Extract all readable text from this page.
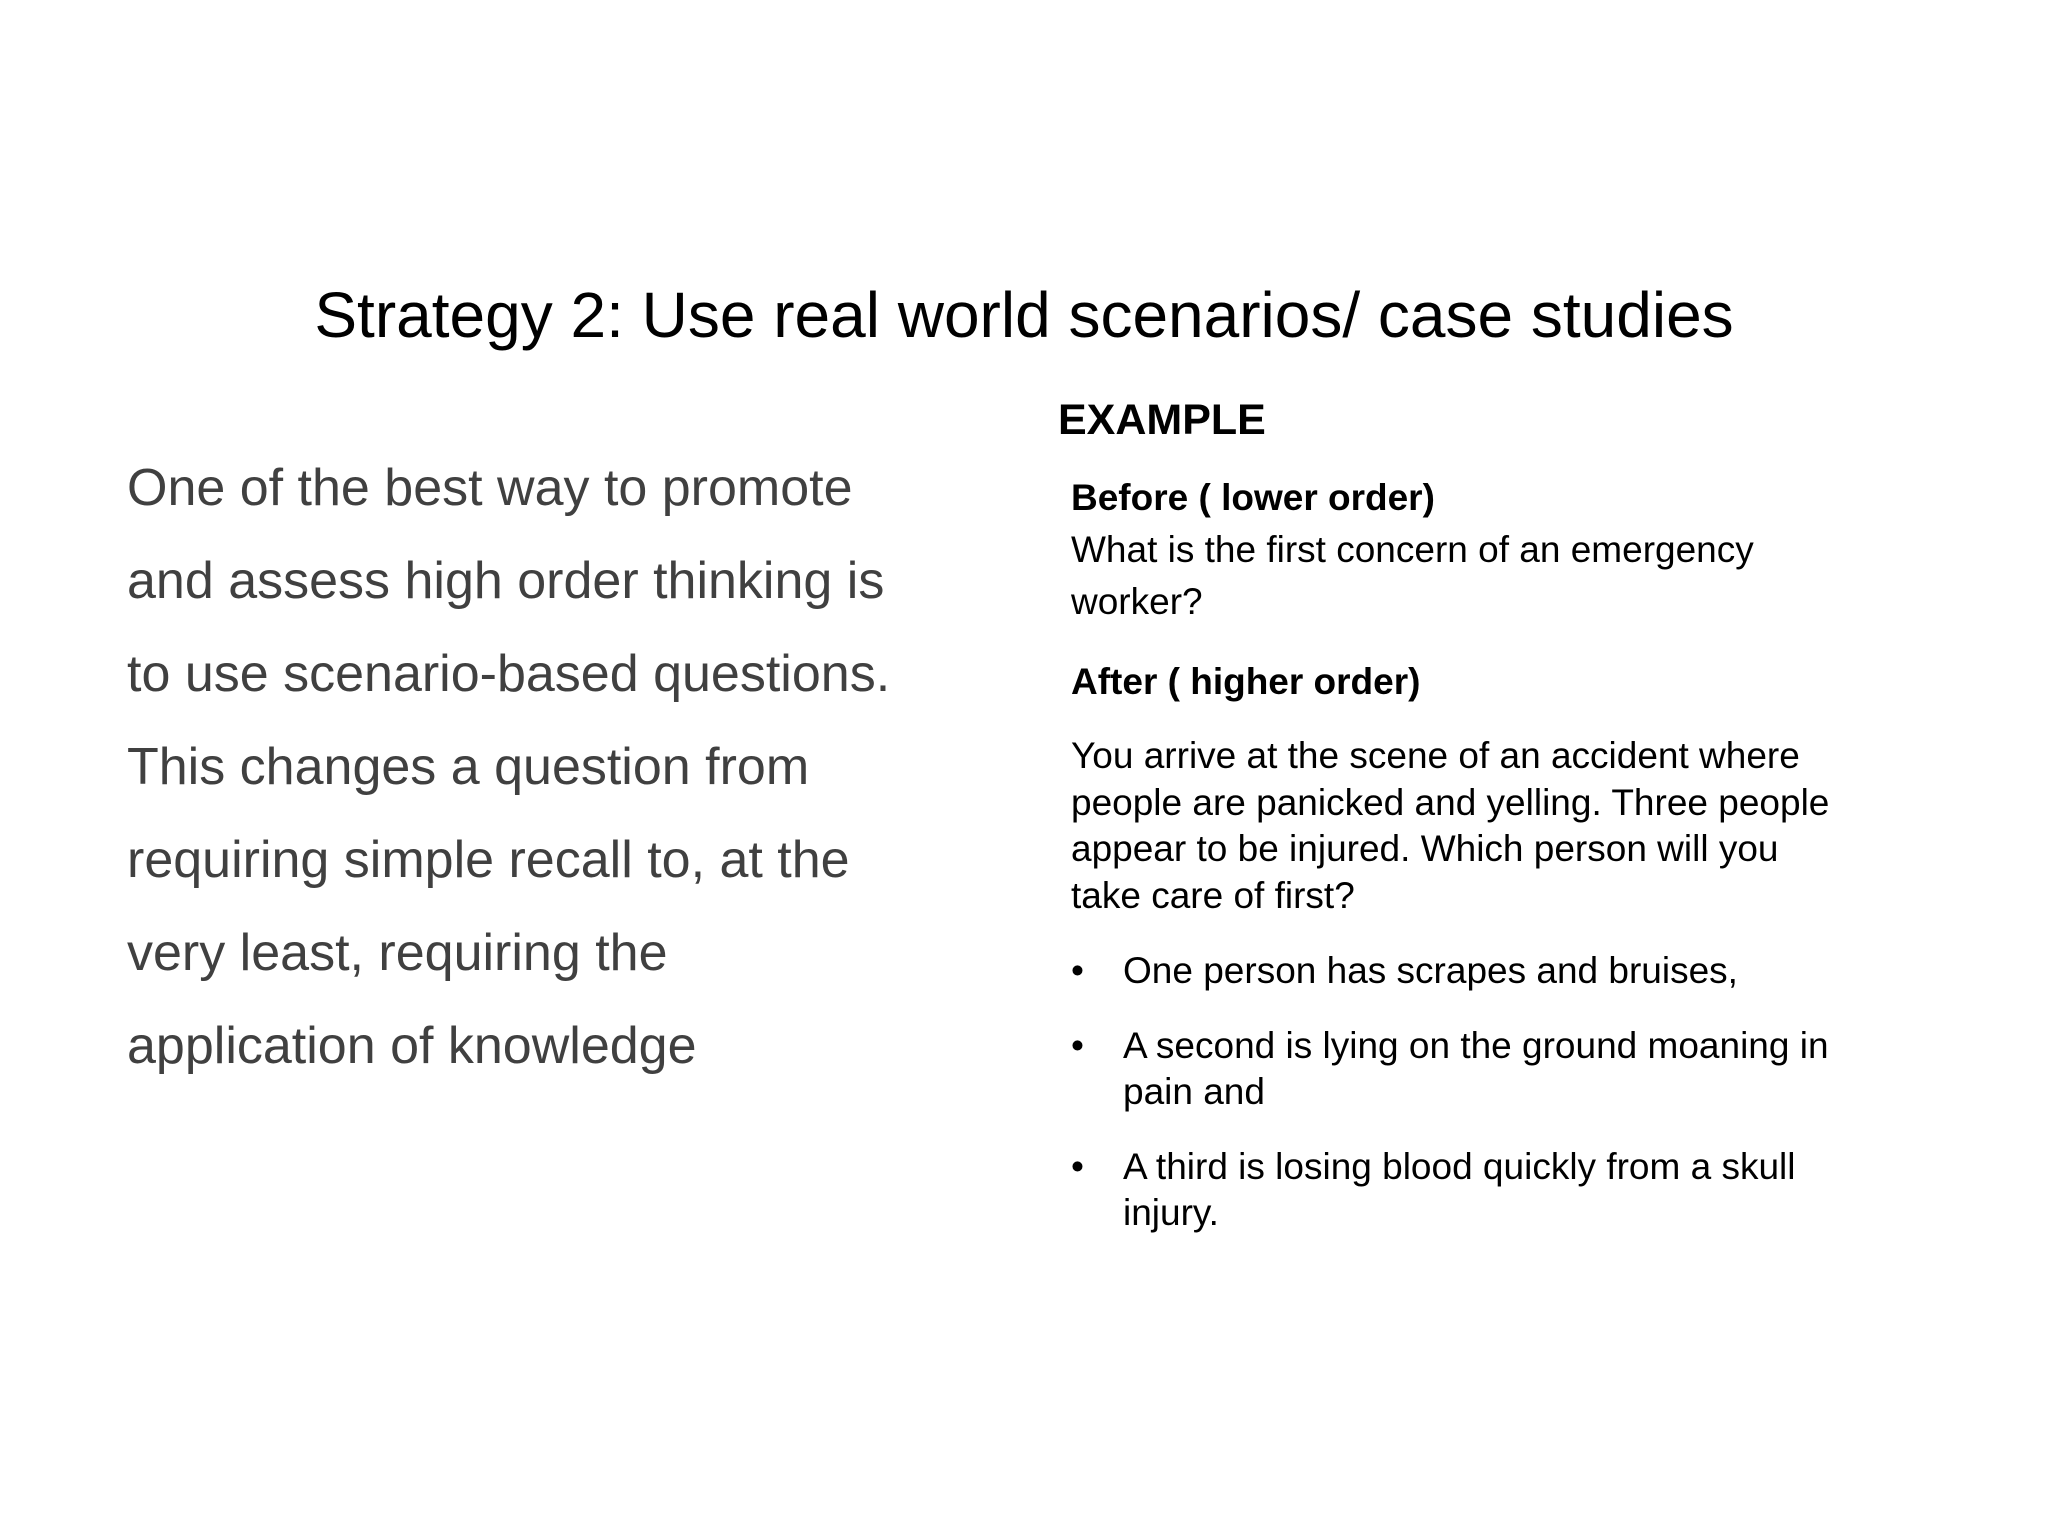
Strategy 2: Use real world scenarios/ case studies
One of the best way to promote
and assess high order thinking is
to use scenario-based questions.
This changes a question from
requiring simple recall to, at the
very least, requiring the
application of knowledge
EXAMPLE
Before ( lower order)
What is the first concern of an emergency
worker?
After ( higher order)
You arrive at the scene of an accident where
people are panicked and yelling. Three people
appear to be injured. Which person will you
take care of first?
• One person has scrapes and bruises,
• A second is lying on the ground moaning in
pain and
• A third is losing blood quickly from a skull
injury.
